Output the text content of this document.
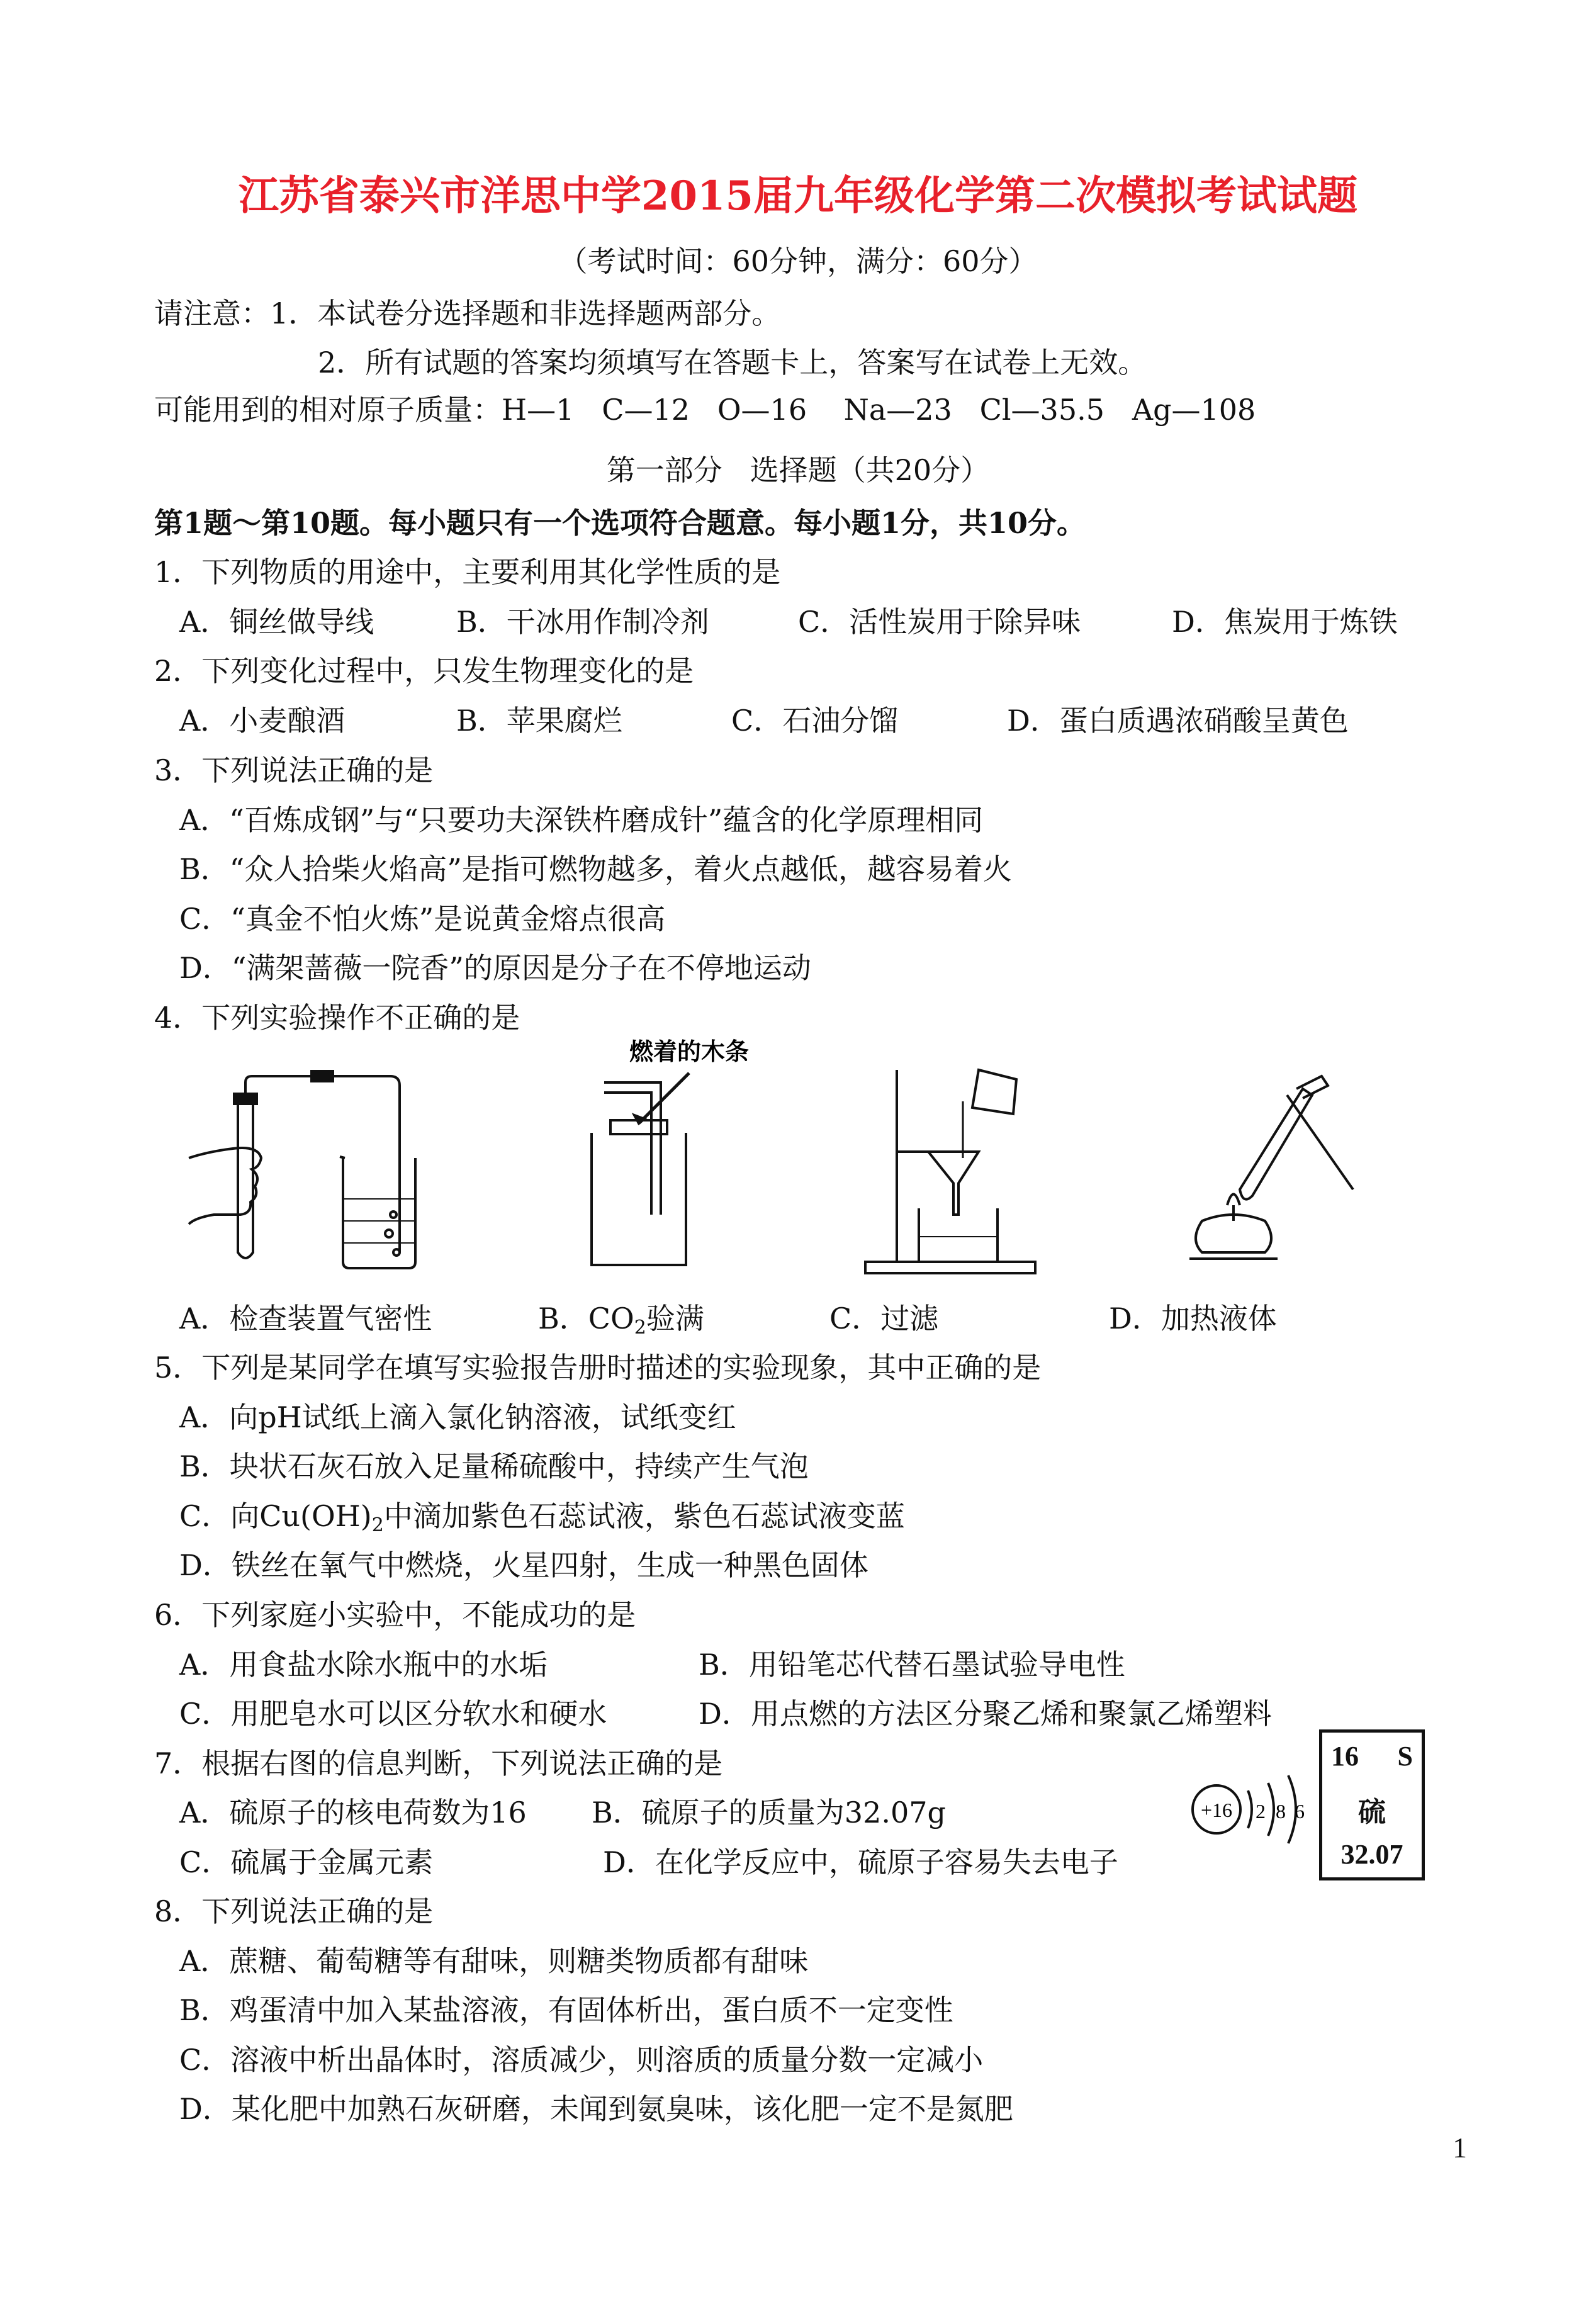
江苏省泰兴市洋思中学2015届九年级化学第二次模拟考试试题
（考试时间：60分钟，满分：60分）
请注意：1．本试卷分选择题和非选择题两部分。
2．所有试题的答案均须填写在答题卡上，答案写在试卷上无效。
可能用到的相对原子质量：H—1   C—12   O—16    Na—23   Cl—35.5   Ag—108
第一部分   选择题（共20分）
第1题～第10题。每小题只有一个选项符合题意。每小题1分，共10分。
1．下列物质的用途中，主要利用其化学性质的是
A．铜丝做导线	B．干冰用作制冷剂	C．活性炭用于除异味	D．焦炭用于炼铁
2．下列变化过程中，只发生物理变化的是
A．小麦酿酒	B．苹果腐烂	C．石油分馏	D．蛋白质遇浓硝酸呈黄色
3．下列说法正确的是
A．“百炼成钢”与“只要功夫深铁杵磨成针”蕴含的化学原理相同
B．“众人拾柴火焰高”是指可燃物越多，着火点越低，越容易着火
C．“真金不怕火炼”是说黄金熔点很高
D．“满架蔷薇一院香”的原因是分子在不停地运动
4．下列实验操作不正确的是
燃着的木条
A．检查装置气密性	B．CO2验满	C．过滤	D．加热液体
5．下列是某同学在填写实验报告册时描述的实验现象，其中正确的是
A．向pH试纸上滴入氯化钠溶液，试纸变红
B．块状石灰石放入足量稀硫酸中，持续产生气泡
C．向Cu(OH)2中滴加紫色石蕊试液，紫色石蕊试液变蓝
D．铁丝在氧气中燃烧，火星四射，生成一种黑色固体
6．下列家庭小实验中，不能成功的是
A．用食盐水除水瓶中的水垢	B．用铅笔芯代替石墨试验导电性
C．用肥皂水可以区分软水和硬水	D．用点燃的方法区分聚乙烯和聚氯乙烯塑料
7．根据右图的信息判断，下列说法正确的是
A．硫原子的核电荷数为16 B．硫原子的质量为32.07g
C．硫属于金属元素	D．在化学反应中，硫原子容易失去电子
+16 2 8 6
16 S
硫
32.07
8．下列说法正确的是
A．蔗糖、葡萄糖等有甜味，则糖类物质都有甜味
B．鸡蛋清中加入某盐溶液，有固体析出，蛋白质不一定变性
C．溶液中析出晶体时，溶质减少，则溶质的质量分数一定减小
D．某化肥中加熟石灰研磨，未闻到氨臭味，该化肥一定不是氮肥
1
